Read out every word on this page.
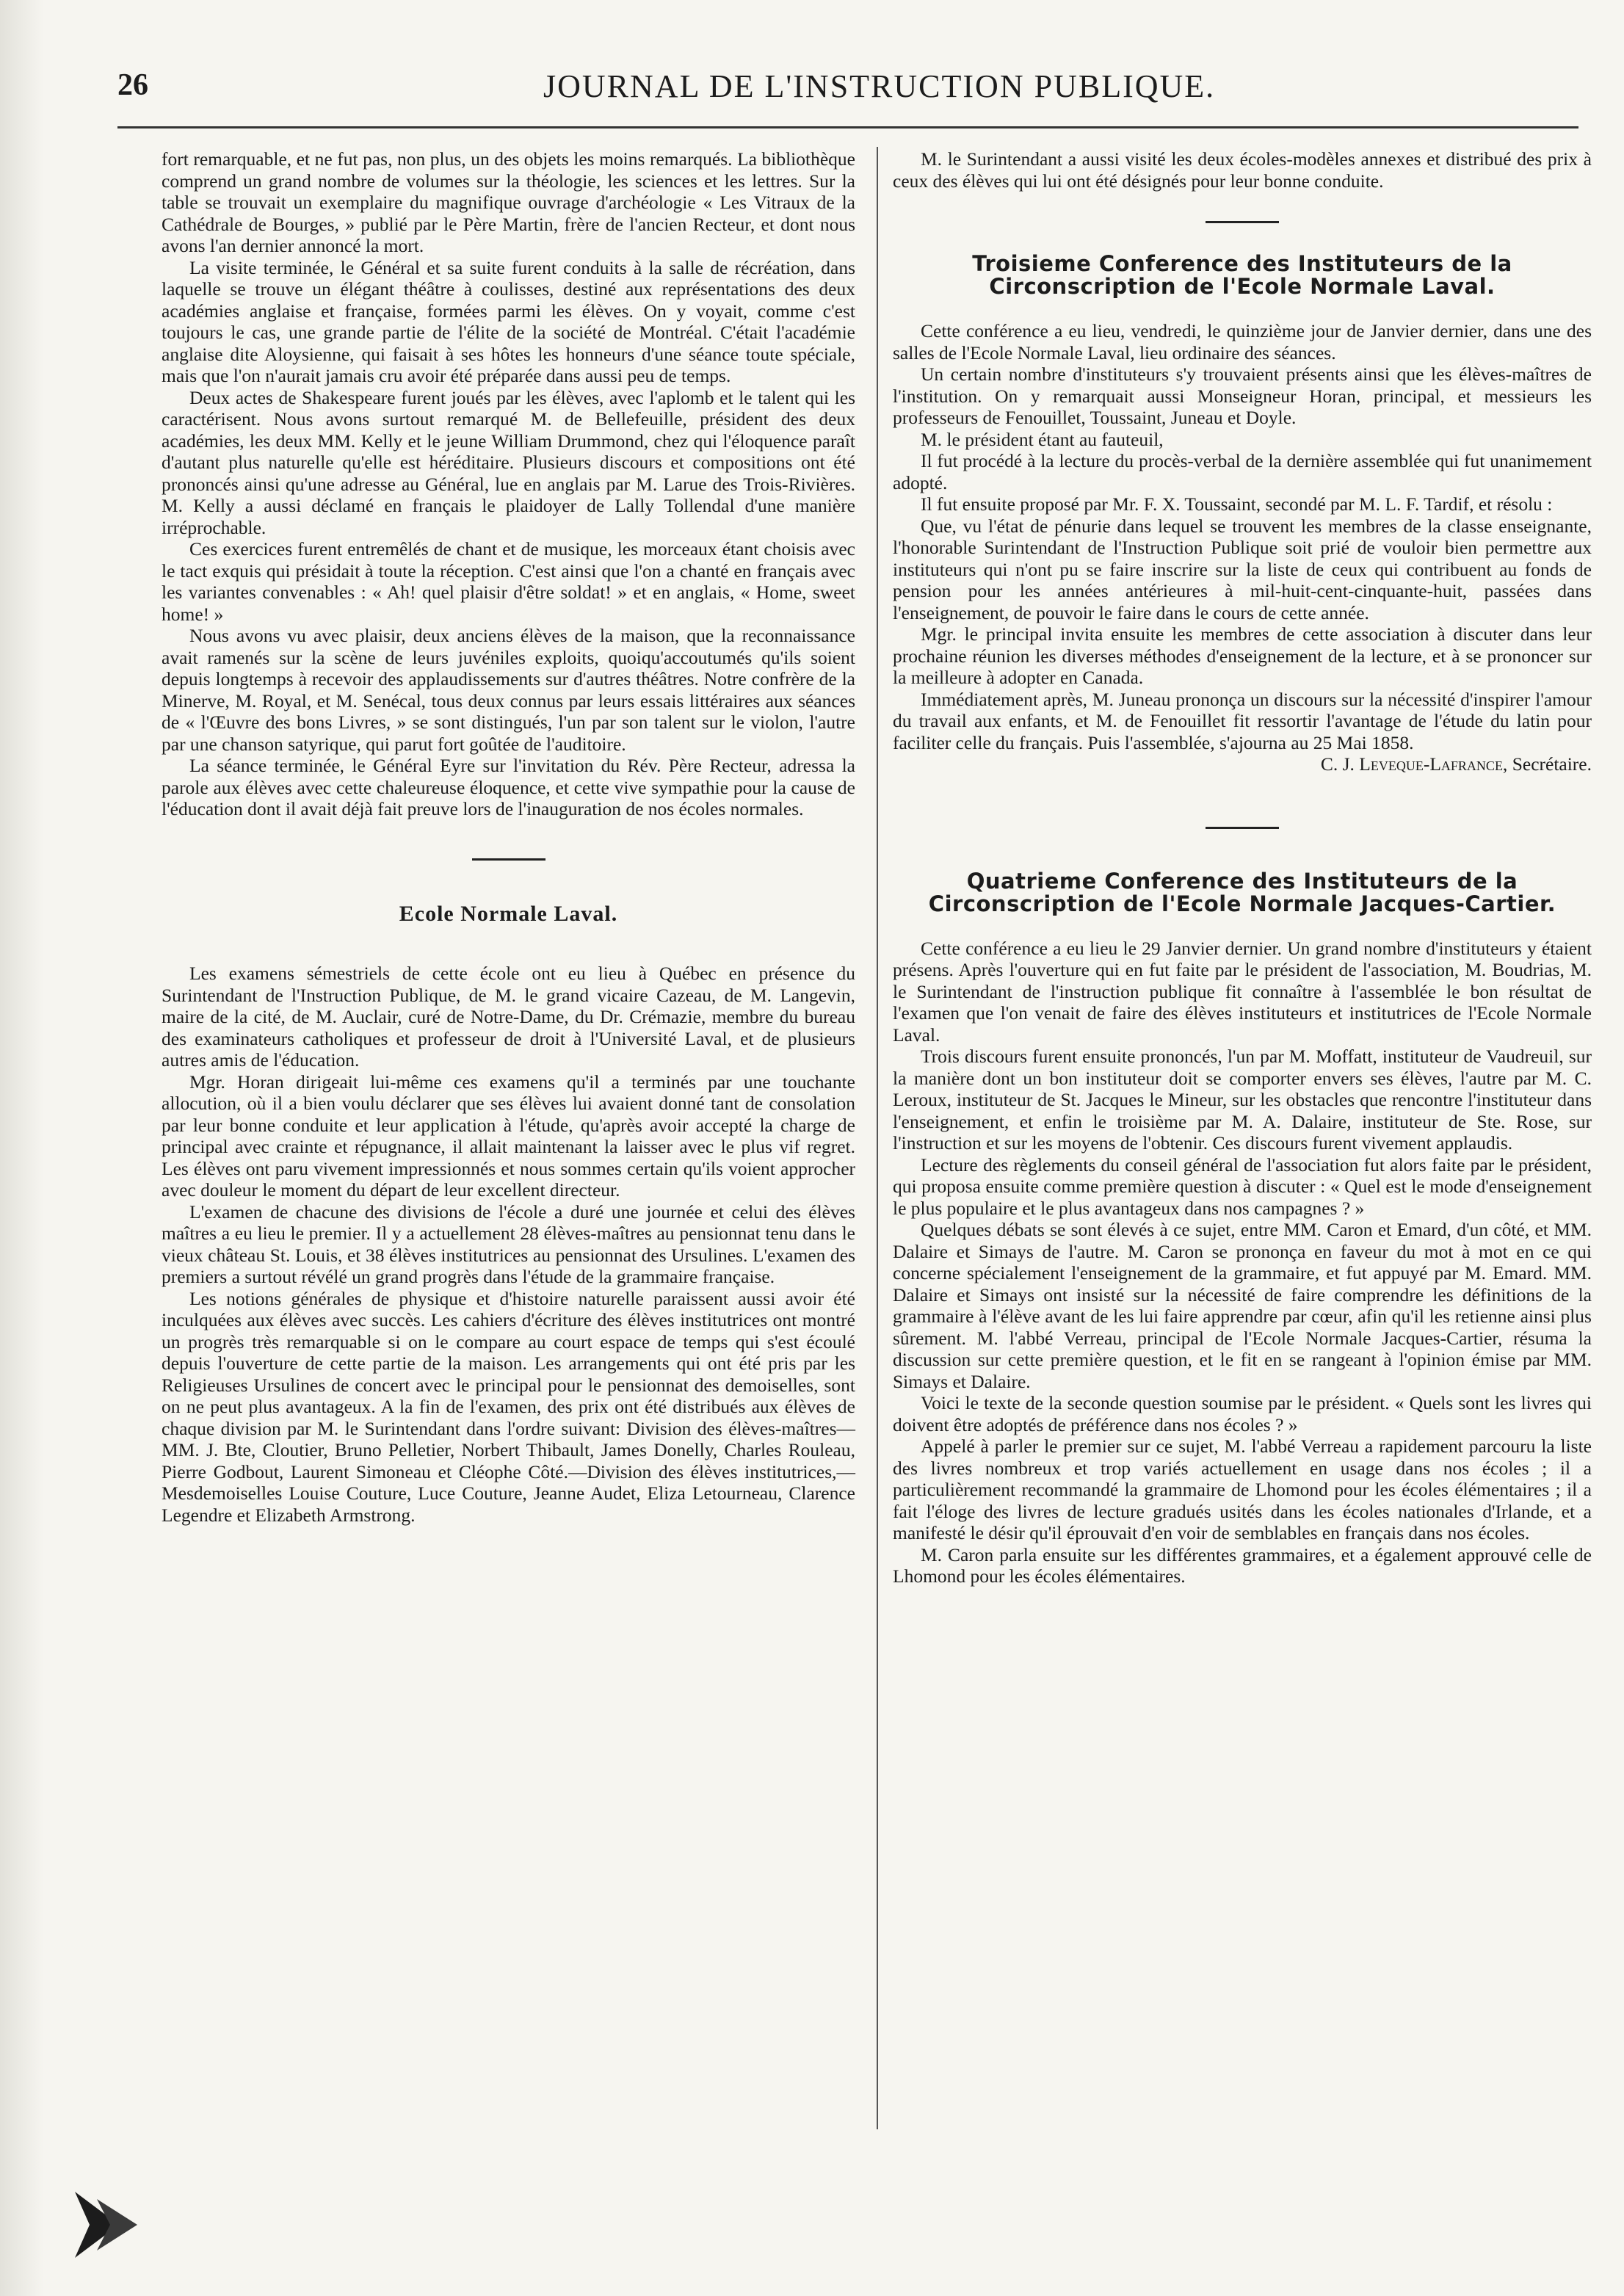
26	JOURNAL DE L'INSTRUCTION PUBLIQUE.

fort remarquable, et ne fut pas, non plus, un des objets les moins remarqués. La bibliothèque comprend un grand nombre de volumes sur la théologie, les sciences et les lettres. Sur la table se trouvait un exemplaire du magnifique ouvrage d'archéologie « Les Vitraux de la Cathédrale de Bourges, » publié par le Père Martin, frère de l'ancien Recteur, et dont nous avons l'an dernier annoncé la mort.

La visite terminée, le Général et sa suite furent conduits à la salle de récréation, dans laquelle se trouve un élégant théâtre à coulisses, destiné aux représentations des deux académies anglaise et française, formées parmi les élèves. On y voyait, comme c'est toujours le cas, une grande partie de l'élite de la société de Montréal. C'était l'académie anglaise dite Aloysienne, qui faisait à ses hôtes les honneurs d'une séance toute spéciale, mais que l'on n'aurait jamais cru avoir été préparée dans aussi peu de temps.

Deux actes de Shakespeare furent joués par les élèves, avec l'aplomb et le talent qui les caractérisent. Nous avons surtout remarqué M. de Bellefeuille, président des deux académies, les deux MM. Kelly et le jeune William Drummond, chez qui l'éloquence paraît d'autant plus naturelle qu'elle est héréditaire. Plusieurs discours et compositions ont été prononcés ainsi qu'une adresse au Général, lue en anglais par M. Larue des Trois-Rivières. M. Kelly a aussi déclamé en français le plaidoyer de Lally Tollendal d'une manière irréprochable.

Ces exercices furent entremêlés de chant et de musique, les morceaux étant choisis avec le tact exquis qui présidait à toute la réception. C'est ainsi que l'on a chanté en français avec les variantes convenables : « Ah! quel plaisir d'être soldat! » et en anglais, « Home, sweet home! »

Nous avons vu avec plaisir, deux anciens élèves de la maison, que la reconnaissance avait ramenés sur la scène de leurs juvéniles exploits, quoiqu'accoutumés qu'ils soient depuis longtemps à recevoir des applaudissements sur d'autres théâtres. Notre confrère de la Minerve, M. Royal, et M. Senécal, tous deux connus par leurs essais littéraires aux séances de « l'Œuvre des bons Livres, » se sont distingués, l'un par son talent sur le violon, l'autre par une chanson satyrique, qui parut fort goûtée de l'auditoire.

La séance terminée, le Général Eyre sur l'invitation du Rév. Père Recteur, adressa la parole aux élèves avec cette chaleureuse éloquence, et cette vive sympathie pour la cause de l'éducation dont il avait déjà fait preuve lors de l'inauguration de nos écoles normales.

Ecole Normale Laval.

Les examens sémestriels de cette école ont eu lieu à Québec en présence du Surintendant de l'Instruction Publique, de M. le grand vicaire Cazeau, de M. Langevin, maire de la cité, de M. Auclair, curé de Notre-Dame, du Dr. Crémazie, membre du bureau des examinateurs catholiques et professeur de droit à l'Université Laval, et de plusieurs autres amis de l'éducation.

Mgr. Horan dirigeait lui-même ces examens qu'il a terminés par une touchante allocution, où il a bien voulu déclarer que ses élèves lui avaient donné tant de consolation par leur bonne conduite et leur application à l'étude, qu'après avoir accepté la charge de principal avec crainte et répugnance, il allait maintenant la laisser avec le plus vif regret. Les élèves ont paru vivement impressionnés et nous sommes certain qu'ils voient approcher avec douleur le moment du départ de leur excellent directeur.

L'examen de chacune des divisions de l'école a duré une journée et celui des élèves maîtres a eu lieu le premier. Il y a actuellement 28 élèves-maîtres au pensionnat tenu dans le vieux château St. Louis, et 38 élèves institutrices au pensionnat des Ursulines. L'examen des premiers a surtout révélé un grand progrès dans l'étude de la grammaire française.

Les notions générales de physique et d'histoire naturelle paraissent aussi avoir été inculquées aux élèves avec succès. Les cahiers d'écriture des élèves institutrices ont montré un progrès très remarquable si on le compare au court espace de temps qui s'est écoulé depuis l'ouverture de cette partie de la maison. Les arrangements qui ont été pris par les Religieuses Ursulines de concert avec le principal pour le pensionnat des demoiselles, sont on ne peut plus avantageux. A la fin de l'examen, des prix ont été distribués aux élèves de chaque division par M. le Surintendant dans l'ordre suivant: Division des élèves-maîtres—MM. J. Bte, Cloutier, Bruno Pelletier, Norbert Thibault, James Donelly, Charles Rouleau, Pierre Godbout, Laurent Simoneau et Cléophe Côté.—Division des élèves institutrices,—Mesdemoiselles Louise Couture, Luce Couture, Jeanne Audet, Eliza Letourneau, Clarence Legendre et Elizabeth Armstrong.

M. le Surintendant a aussi visité les deux écoles-modèles annexes et distribué des prix à ceux des élèves qui lui ont été désignés pour leur bonne conduite.

Troisieme Conference des Instituteurs de la Circonscription de l'Ecole Normale Laval.

Cette conférence a eu lieu, vendredi, le quinzième jour de Janvier dernier, dans une des salles de l'Ecole Normale Laval, lieu ordinaire des séances.

Un certain nombre d'instituteurs s'y trouvaient présents ainsi que les élèves-maîtres de l'institution. On y remarquait aussi Monseigneur Horan, principal, et messieurs les professeurs de Fenouillet, Toussaint, Juneau et Doyle.

M. le président étant au fauteuil,

Il fut procédé à la lecture du procès-verbal de la dernière assemblée qui fut unanimement adopté.

Il fut ensuite proposé par Mr. F. X. Toussaint, secondé par M. L. F. Tardif, et résolu :

Que, vu l'état de pénurie dans lequel se trouvent les membres de la classe enseignante, l'honorable Surintendant de l'Instruction Publique soit prié de vouloir bien permettre aux instituteurs qui n'ont pu se faire inscrire sur la liste de ceux qui contribuent au fonds de pension pour les années antérieures à mil-huit-cent-cinquante-huit, passées dans l'enseignement, de pouvoir le faire dans le cours de cette année.

Mgr. le principal invita ensuite les membres de cette association à discuter dans leur prochaine réunion les diverses méthodes d'enseignement de la lecture, et à se prononcer sur la meilleure à adopter en Canada.

Immédiatement après, M. Juneau prononça un discours sur la nécessité d'inspirer l'amour du travail aux enfants, et M. de Fenouillet fit ressortir l'avantage de l'étude du latin pour faciliter celle du français. Puis l'assemblée, s'ajourna au 25 Mai 1858.

C. J. Leveque-Lafrance, Secrétaire.

Quatrieme Conference des Instituteurs de la Circonscription de l'Ecole Normale Jacques-Cartier.

Cette conférence a eu lieu le 29 Janvier dernier. Un grand nombre d'instituteurs y étaient présens. Après l'ouverture qui en fut faite par le président de l'association, M. Boudrias, M. le Surintendant de l'instruction publique fit connaître à l'assemblée le bon résultat de l'examen que l'on venait de faire des élèves instituteurs et institutrices de l'Ecole Normale Laval.

Trois discours furent ensuite prononcés, l'un par M. Moffatt, instituteur de Vaudreuil, sur la manière dont un bon instituteur doit se comporter envers ses élèves, l'autre par M. C. Leroux, instituteur de St. Jacques le Mineur, sur les obstacles que rencontre l'instituteur dans l'enseignement, et enfin le troisième par M. A. Dalaire, instituteur de Ste. Rose, sur l'instruction et sur les moyens de l'obtenir. Ces discours furent vivement applaudis.

Lecture des règlements du conseil général de l'association fut alors faite par le président, qui proposa ensuite comme première question à discuter : « Quel est le mode d'enseignement le plus populaire et le plus avantageux dans nos campagnes ? »

Quelques débats se sont élevés à ce sujet, entre MM. Caron et Emard, d'un côté, et MM. Dalaire et Simays de l'autre. M. Caron se prononça en faveur du mot à mot en ce qui concerne spécialement l'enseignement de la grammaire, et fut appuyé par M. Emard. MM. Dalaire et Simays ont insisté sur la nécessité de faire comprendre les définitions de la grammaire à l'élève avant de les lui faire apprendre par cœur, afin qu'il les retienne ainsi plus sûrement. M. l'abbé Verreau, principal de l'Ecole Normale Jacques-Cartier, résuma la discussion sur cette première question, et le fit en se rangeant à l'opinion émise par MM. Simays et Dalaire.

Voici le texte de la seconde question soumise par le président. « Quels sont les livres qui doivent être adoptés de préférence dans nos écoles ? »

Appelé à parler le premier sur ce sujet, M. l'abbé Verreau a rapidement parcouru la liste des livres nombreux et trop variés actuellement en usage dans nos écoles ; il a particulièrement recommandé la grammaire de Lhomond pour les écoles élémentaires ; il a fait l'éloge des livres de lecture gradués usités dans les écoles nationales d'Irlande, et a manifesté le désir qu'il éprouvait d'en voir de semblables en français dans nos écoles.

M. Caron parla ensuite sur les différentes grammaires, et a également approuvé celle de Lhomond pour les écoles élémentaires.
